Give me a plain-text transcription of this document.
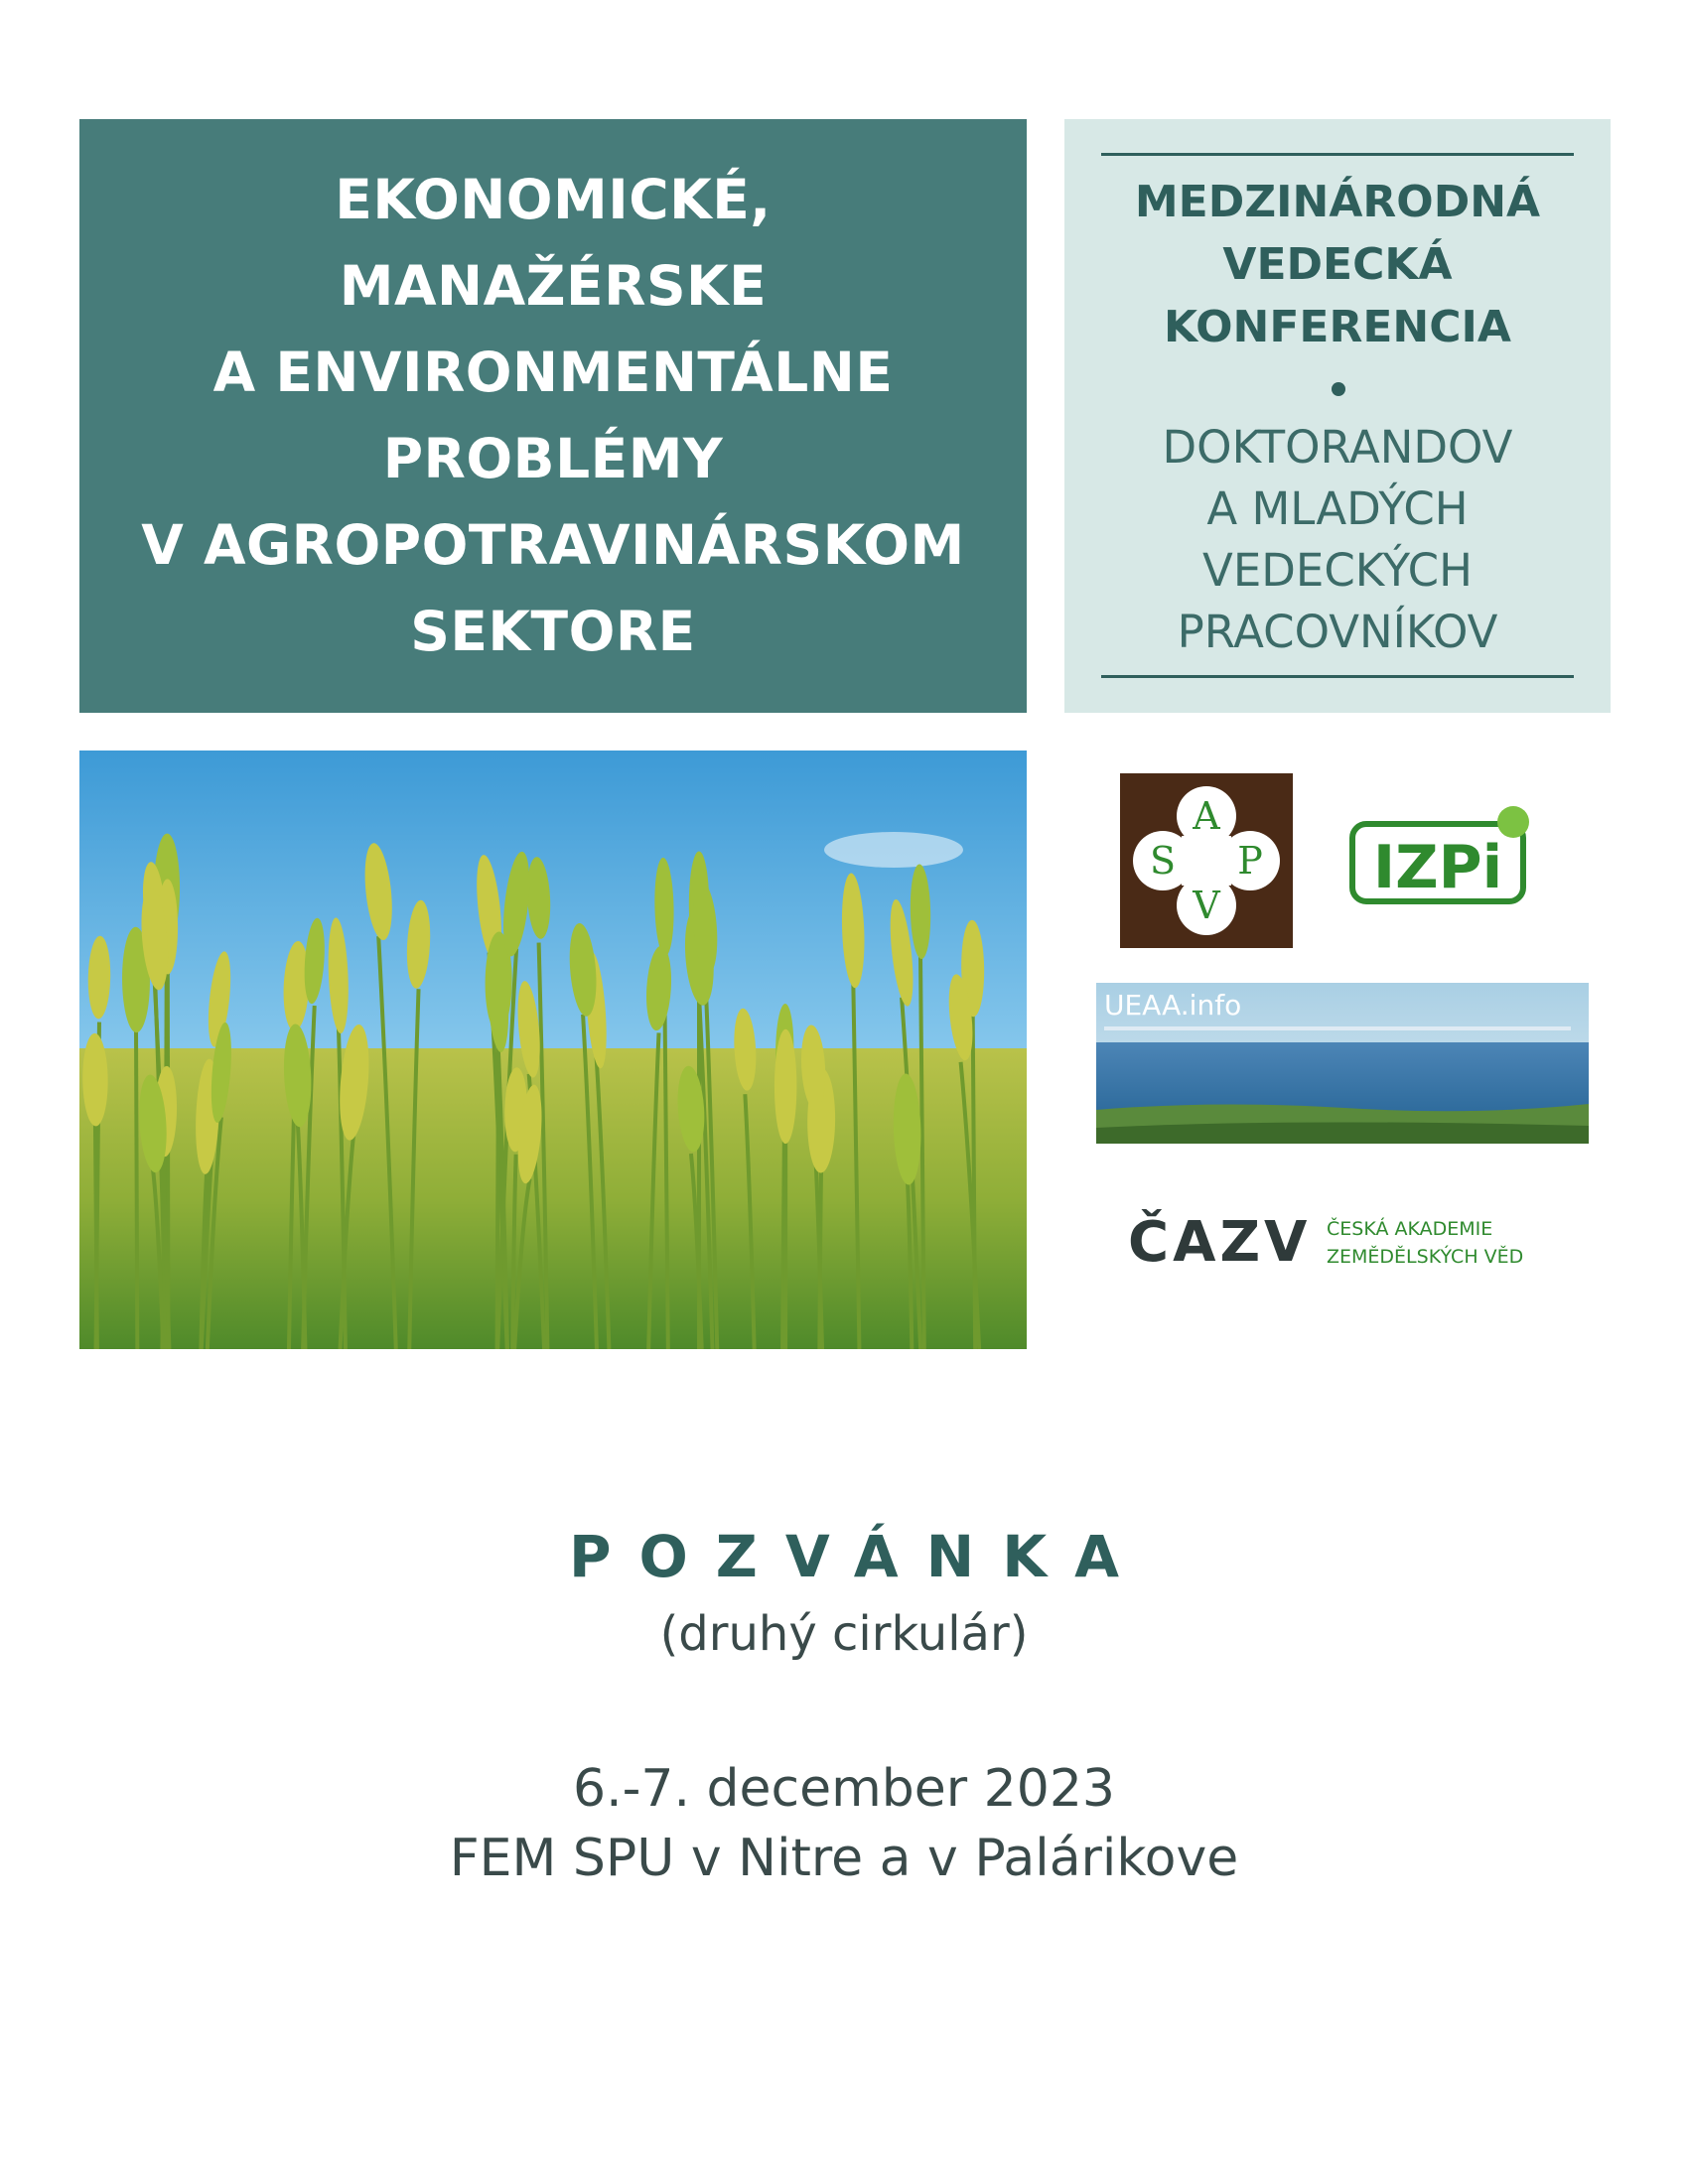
EKONOMICKÉ,
MANAŽÉRSKE
A ENVIRONMENTÁLNE
PROBLÉMY
V AGROPOTRAVINÁRSKOM
SEKTORE
MEDZINÁRODNÁ
VEDECKÁ
KONFERENCIA
DOKTORANDOV
A MLADÝCH
VEDECKÝCH
PRACOVNÍKOV
A
S P
V
IZPi
UEAA.info
ČAZV ČESKÁ AKADEMIE
ZEMĚDĚLSKÝCH VĚD
POZVÁNKA
(druhý cirkulár)
6.-7. december 2023
FEM SPU v Nitre a v Palárikove
